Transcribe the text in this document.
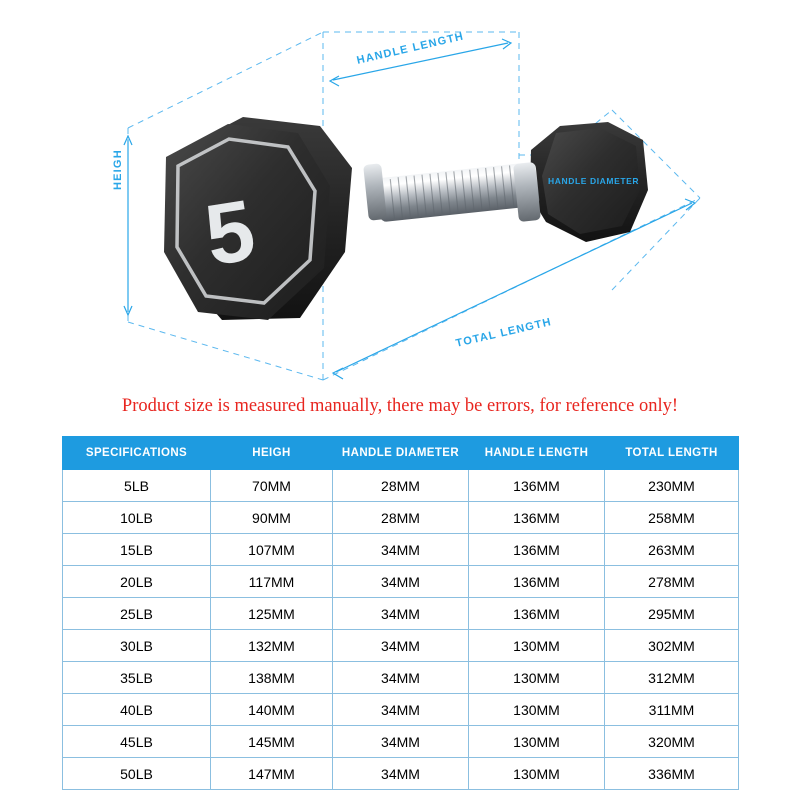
5
HANDLE LENGTH
TOTAL LENGTH
HANDLE DIAMETER
HEIGH
Product size is measured manually, there may be errors, for reference only!
SPECIFICATIONS	HEIGH	HANDLE DIAMETER	HANDLE LENGTH	TOTAL LENGTH
5LB	70MM	28MM	136MM	230MM
10LB	90MM	28MM	136MM	258MM
15LB	107MM	34MM	136MM	263MM
20LB	117MM	34MM	136MM	278MM
25LB	125MM	34MM	136MM	295MM
30LB	132MM	34MM	130MM	302MM
35LB	138MM	34MM	130MM	312MM
40LB	140MM	34MM	130MM	311MM
45LB	145MM	34MM	130MM	320MM
50LB	147MM	34MM	130MM	336MM
